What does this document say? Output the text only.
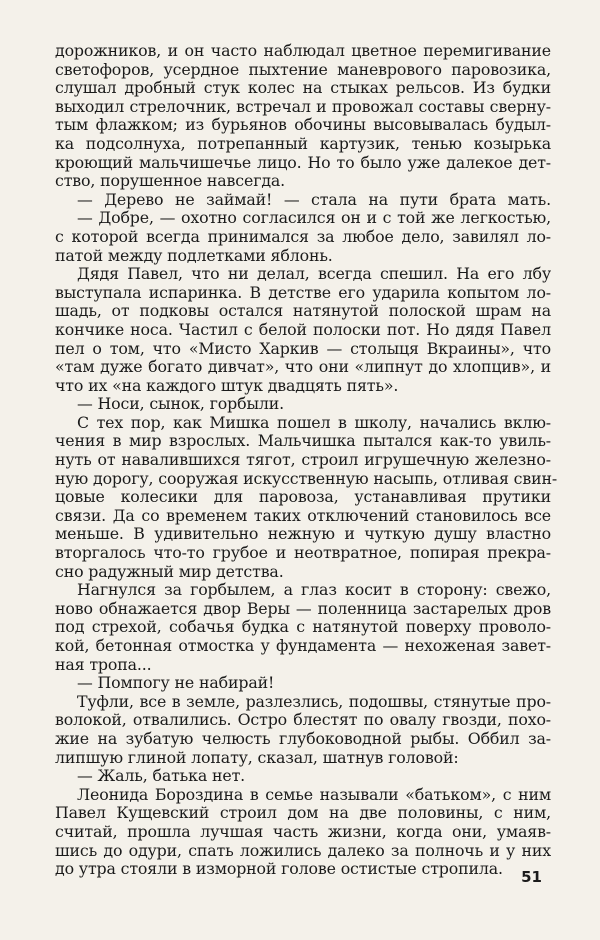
дорожников, и он часто наблюдал цветное перемигивание
светофоров, усердное пыхтение маневрового паровозика,
слушал дробный стук колес на стыках рельсов. Из будки
выходил стрелочник, встречал и провожал составы сверну-
тым флажком; из бурьянов обочины высовывалась будыл-
ка подсолнуха, потрепанный картузик, тенью козырька
кроющий мальчишечье лицо. Но то было уже далекое дет-
ство, порушенное навсегда.
— Дерево не займай! — стала на пути брата мать.
— Добре, — охотно согласился он и с той же легкостью,
с которой всегда принимался за любое дело, завилял ло-
патой между подлетками яблонь.
Дядя Павел, что ни делал, всегда спешил. На его лбу
выступала испаринка. В детстве его ударила копытом ло-
шадь, от подковы остался натянутой полоской шрам на
кончике носа. Частил с белой полоски пот. Но дядя Павел
пел о том, что «Мисто Харкив — столыця Вкраины», что
«там дуже богато дивчат», что они «липнут до хлопцив», и
что их «на каждого штук двадцять пять».
— Носи, сынок, горбыли.
С тех пор, как Мишка пошел в школу, начались вклю-
чения в мир взрослых. Мальчишка пытался как-то увиль-
нуть от навалившихся тягот, строил игрушечную железно-
ную дорогу, сооружая искусственную насыпь, отливая свин-
цовые колесики для паровоза, устанавливая прутики
связи. Да со временем таких отключений становилось все
меньше. В удивительно нежную и чуткую душу властно
вторгалось что-то грубое и неотвратное, попирая прекра-
сно радужный мир детства.
Нагнулся за горбылем, а глаз косит в сторону: свежо,
ново обнажается двор Веры — поленница застарелых дров
под стрехой, собачья будка с натянутой поверху проволо-
кой, бетонная отмостка у фундамента — нехоженая завет-
ная тропа...
— Помпогу не набирай!
Туфли, все в земле, разлезлись, подошвы, стянутые про-
волокой, отвалились. Остро блестят по овалу гвозди, похо-
жие на зубатую челюсть глубоководной рыбы. Оббил за-
липшую глиной лопату, сказал, шатнув головой:
— Жаль, батька нет.
Леонида Бороздина в семье называли «батьком», с ним
Павел Кущевский строил дом на две половины, с ним,
считай, прошла лучшая часть жизни, когда они, умаяв-
шись до одури, спать ложились далеко за полночь и у них
до утра стояли в изморной голове остистые стропила.	51
